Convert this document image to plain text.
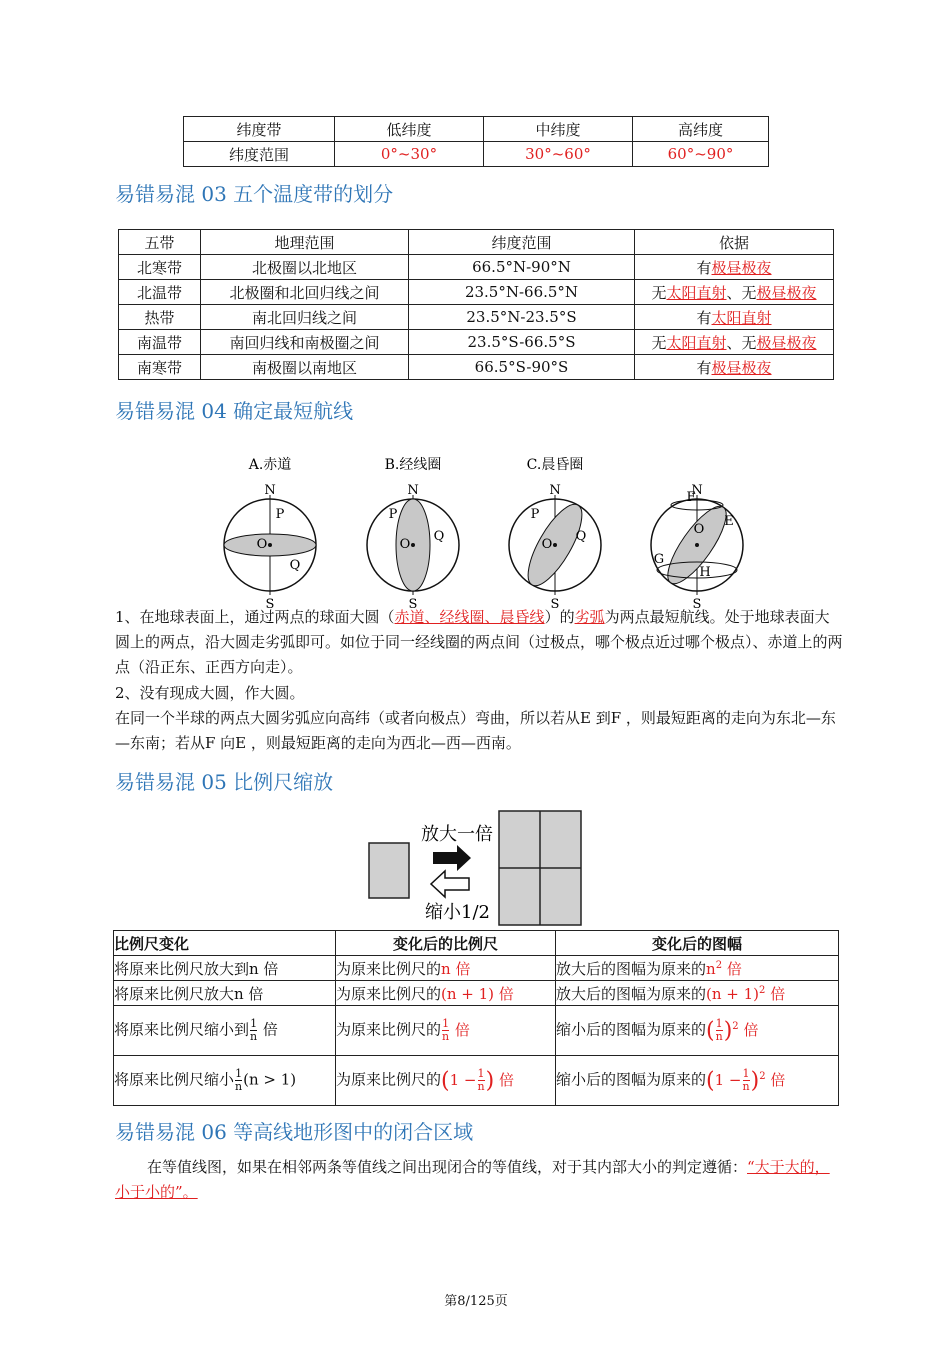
纬度带	低纬度	中纬度	高纬度
纬度范围	0°~30°	30°~60°	60°~90°
易错易混 03 五个温度带的划分
五带	地理范围	纬度范围	依据
北寒带	北极圈以北地区	66.5°N-90°N	有极昼极夜
北温带	北极圈和北回归线之间	23.5°N-66.5°N	无太阳直射、无极昼极夜
热带	南北回归线之间	23.5°N-23.5°S	有太阳直射
南温带	南回归线和南极圈之间	23.5°S-66.5°S	无太阳直射、无极昼极夜
南寒带	南极圈以南地区	66.5°S-90°S	有极昼极夜
易错易混 04 确定最短航线
A.赤道
N
S
P
O
Q
B.经线圈
N
S
P
O
Q
C.晨昏圈
N
S
P
O
Q
N
S
F
O
E
G
H
1、在地球表面上，通过两点的球面大圆（赤道、经线圈、晨昏线）的劣弧为两点最短航线。处于地球表面大圆上的两点，沿大圆走劣弧即可。如位于同一经线圈的两点间（过极点，哪个极点近过哪个极点）、赤道上的两点（沿正东、正西方向走）。
2、没有现成大圆，作大圆。
在同一个半球的两点大圆劣弧应向高纬（或者向极点）弯曲，所以若从E 到F ，则最短距离的走向为东北—东—东南；若从F 向E ，则最短距离的走向为西北—西—西南。
易错易混 05 比例尺缩放
放大一倍
缩小1/2
比例尺变化	变化后的比例尺	变化后的图幅
将原来比例尺放大到n 倍	为原来比例尺的n 倍	放大后的图幅为原来的$n^2$ 倍
将原来比例尺放大n 倍	为原来比例尺的(n + 1) 倍	放大后的图幅为原来的$(n + 1)^2$ 倍
将原来比例尺缩小到 $\frac{1}{n}$ 倍	为原来比例尺的 $\frac{1}{n}$ 倍	缩小后的图幅为原来的( $\frac{1}{n} )^2$ 倍
将原来比例尺缩小 $\frac{1}{n} (n > 1)$	为原来比例尺的($1 - \frac{1}{n}$ ) 倍	缩小后的图幅为原来的$(1 - \frac{1}{n} )^2$ 倍
易错易混 06 等高线地形图中的闭合区域
在等值线图，如果在相邻两条等值线之间出现闭合的等值线，对于其内部大小的判定遵循：“大于大的，小于小的”。
第8/125页
